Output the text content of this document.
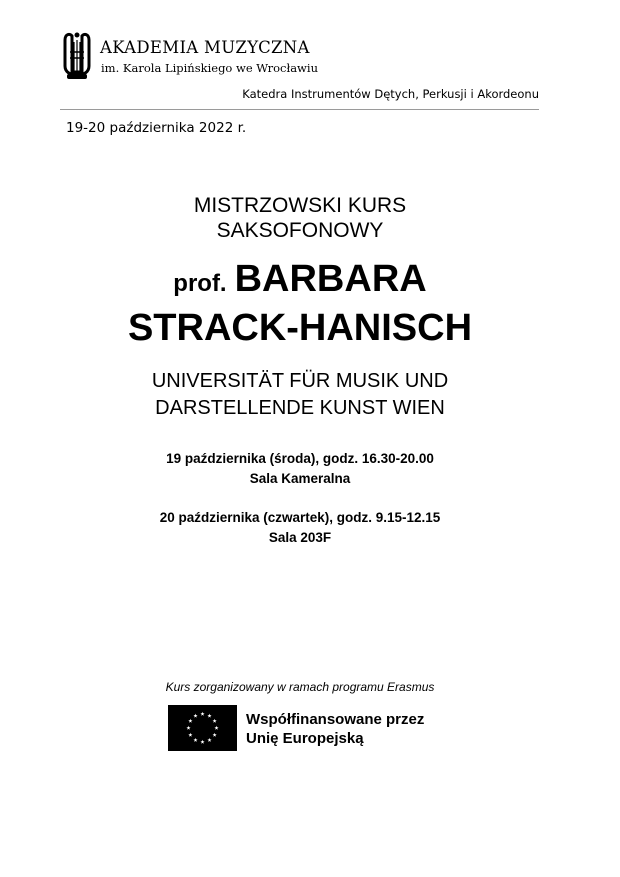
AKADEMIA MUZYCZNA
im. Karola Lipińskiego we Wrocławiu
Katedra Instrumentów Dętych, Perkusji i Akordeonu
19-20 października 2022 r.
MISTRZOWSKI KURS
SAKSOFONOWY
prof. BARBARA
STRACK-HANISCH
UNIVERSITÄT FÜR MUSIK UND
DARSTELLENDE KUNST WIEN
19 października (środa), godz. 16.30-20.00
Sala Kameralna
20 października (czwartek), godz. 9.15-12.15
Sala 203F
Kurs zorganizowany w ramach programu Erasmus
Współfinansowane przez
Unię Europejską
